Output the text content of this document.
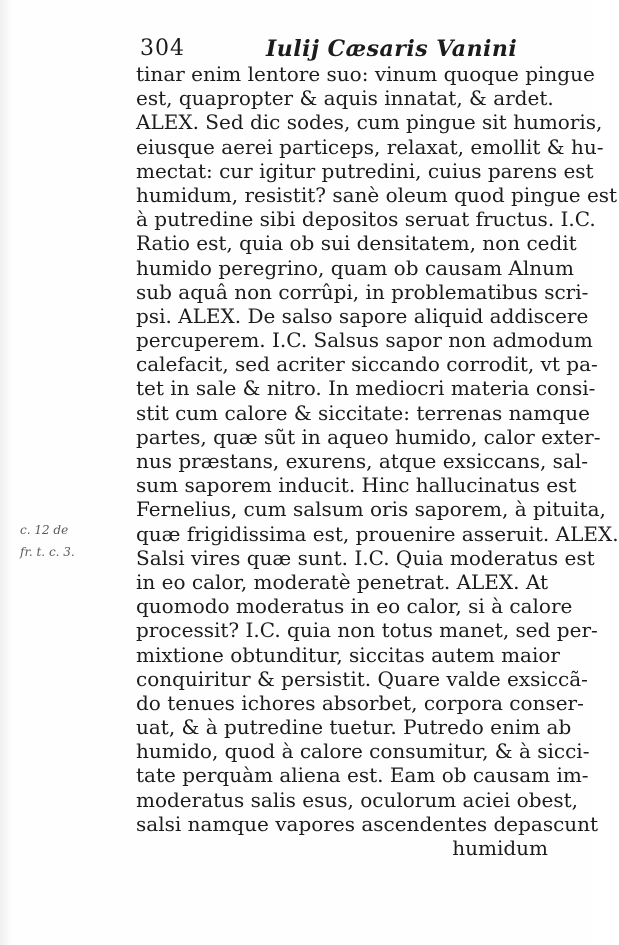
304	Iulij Cæsaris Vanini
c. 12 de
fr. t. c. 3.
tinar enim lentore suo: vinum quoque pingue
est, quapropter & aquis innatat, & ardet.
ALEX. Sed dic sodes, cum pingue sit humoris,
eiusque aerei particeps, relaxat, emollit & hu-
mectat: cur igitur putredini, cuius parens est
humidum, resistit? sanè oleum quod pingue est
à putredine sibi depositos seruat fructus. I.C.
Ratio est, quia ob sui densitatem, non cedit
humido peregrino, quam ob causam Alnum
sub aquâ non corrûpi, in problematibus scri-
psi. ALEX. De salso sapore aliquid addiscere
percuperem. I.C. Salsus sapor non admodum
calefacit, sed acriter siccando corrodit, vt pa-
tet in sale & nitro. In mediocri materia consi-
stit cum calore & siccitate: terrenas namque
partes, quæ sũt in aqueo humido, calor exter-
nus præstans, exurens, atque exsiccans, sal-
sum saporem inducit. Hinc hallucinatus est
Fernelius, cum salsum oris saporem, à pituita,
quæ frigidissima est, prouenire asseruit. ALEX.
Salsi vires quæ sunt. I.C. Quia moderatus est
in eo calor, moderatè penetrat. ALEX. At
quomodo moderatus in eo calor, si à calore
processit? I.C. quia non totus manet, sed per-
mixtione obtunditur, siccitas autem maior
conquiritur & persistit. Quare valde exsiccã-
do tenues ichores absorbet, corpora conser-
uat, & à putredine tuetur. Putredo enim ab
humido, quod à calore consumitur, & à sicci-
tate perquàm aliena est. Eam ob causam im-
moderatus salis esus, oculorum aciei obest,
salsi namque vapores ascendentes depascunt
humidum
